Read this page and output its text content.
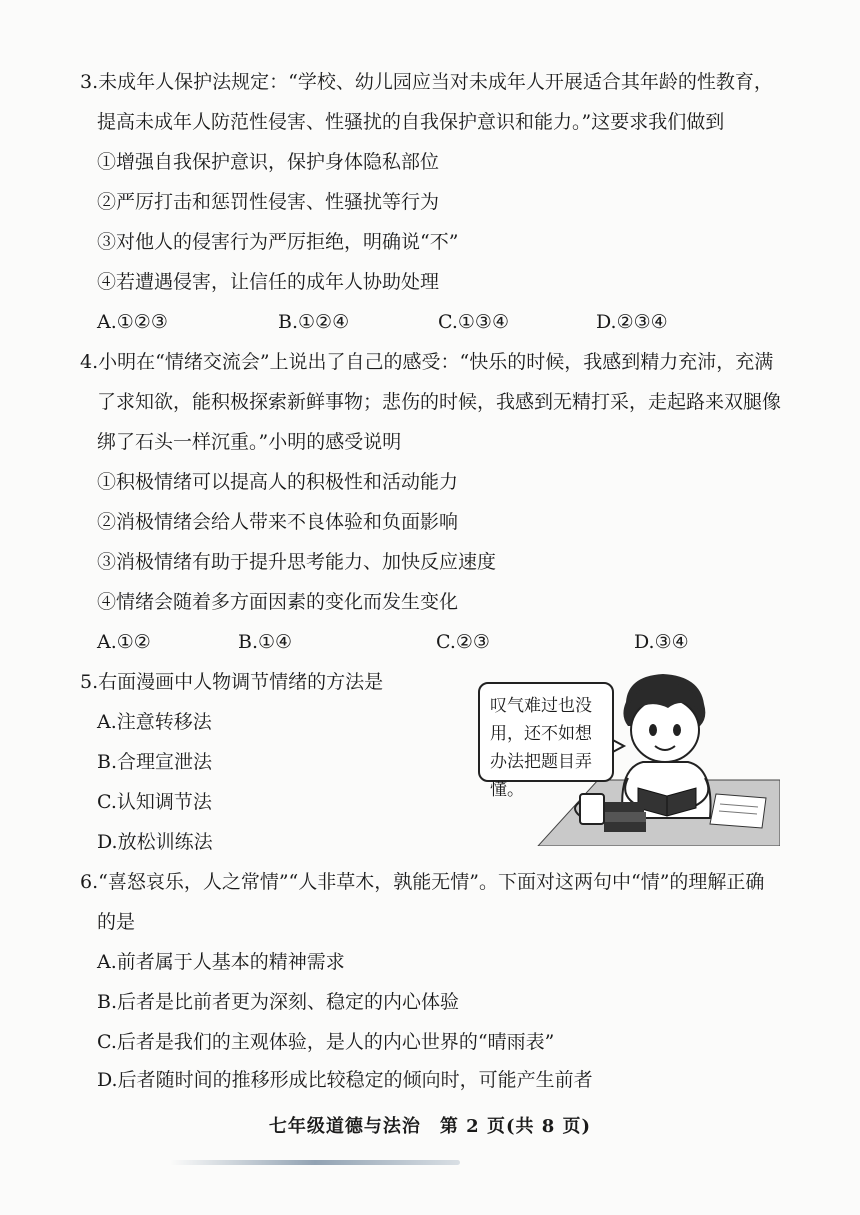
3.未成年人保护法规定：“学校、幼儿园应当对未成年人开展适合其年龄的性教育，
提高未成年人防范性侵害、性骚扰的自我保护意识和能力。”这要求我们做到
①增强自我保护意识，保护身体隐私部位
②严厉打击和惩罚性侵害、性骚扰等行为
③对他人的侵害行为严厉拒绝，明确说“不”
④若遭遇侵害，让信任的成年人协助处理
A.①②③	B.①②④	C.①③④	D.②③④
4.小明在“情绪交流会”上说出了自己的感受：“快乐的时候，我感到精力充沛，充满
了求知欲，能积极探索新鲜事物；悲伤的时候，我感到无精打采，走起路来双腿像
绑了石头一样沉重。”小明的感受说明
①积极情绪可以提高人的积极性和活动能力
②消极情绪会给人带来不良体验和负面影响
③消极情绪有助于提升思考能力、加快反应速度
④情绪会随着多方面因素的变化而发生变化
A.①②	B.①④	C.②③	D.③④
5.右面漫画中人物调节情绪的方法是
A.注意转移法
B.合理宣泄法
C.认知调节法
D.放松训练法
叹气难过也没用，还不如想办法把题目弄懂。
6.“喜怒哀乐，人之常情”“人非草木，孰能无情”。下面对这两句中“情”的理解正确
的是
A.前者属于人基本的精神需求
B.后者是比前者更为深刻、稳定的内心体验
C.后者是我们的主观体验，是人的内心世界的“晴雨表”
D.后者随时间的推移形成比较稳定的倾向时，可能产生前者
七年级道德与法治　第 2 页(共 8 页)
